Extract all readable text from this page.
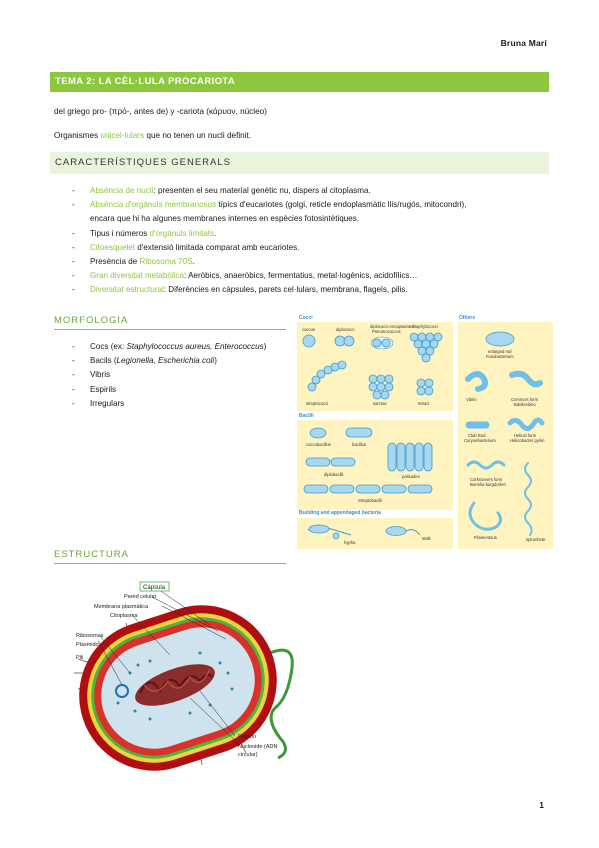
Bruna Marí
TEMA 2: LA CÈL·LULA PROCARIOTA
del griego pro- (πρό-, antes de) y -cariota (κάρυον, núcleo)
Organismes unicel·lulars que no tenen un nucli definit.
CARACTERÍSTIQUES GENERALS
- Absència de nucli: presenten el seu material genètic nu, dispers al citoplasma.
- Absència d'orgànuls membranosos típics d'eucariotes (golgi, reticle endoplasmàtic llis/rugós, mitocondri),
encara que hi ha algunes membranes internes en espècies fotosintètiques.
- Tipus i números d'orgànuls limitats.
- Citoesquelet d'extensió limitada comparat amb eucariotes.
- Presència de Ribosoma 70S.
- Gran diversitat metabòlica: Aeròbics, anaeròbics, fermentatius, metal·logènics, acidofílics…
- Diversitat estructural: Diferències en càpsules, parets cel·lulars, membrana, flagels, pilis.
MORFOLOGIA
- Cocs (ex: Staphylococcus aureus, Enterococcus)
- Bacils (Legionella, Escherichia coli)
- Vibris
- Espirils
- Irregulars
Cocci	Others
Bacilli
Budding and appendaged bacteria
coccus	diplococci
diplococci encapsulated
Pneumococcus
Staphylococci
streptococci	sarcina	tetrad
coccobacillus	bacillus
diplobacilli	palisades
Streptobacilli
hypha
stalk
enlarged rod
Fusobacterium
Vibrio	Comma's form
Bdellovibrio
Club Rod
Corynebacterium
Helical form
Helicobacter pylori
Corkscrew's form
Borrelia burgdorferi
Filamentous	spirochete
ESTRUCTURA
Cápsula
Pared celular
Membrana plasmática
Citoplasma
Ribosomas
Plásmido
Pili
Flagelo
Nucleoide (ADN
circular)
1
